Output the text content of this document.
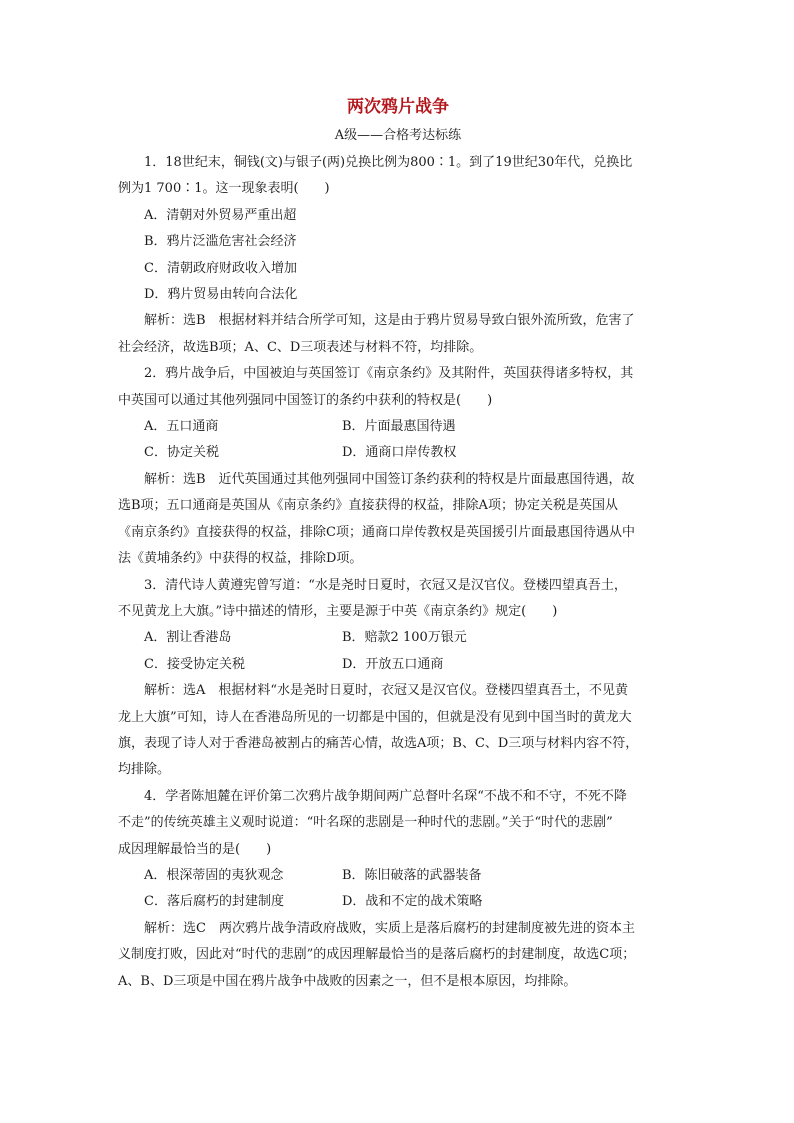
两次鸦片战争
A级——合格考达标练

1．18世纪末，铜钱(文)与银子(两)兑换比例为800∶1。到了19世纪30年代，兑换比

例为1 700∶1。这一现象表明(　　)

A．清朝对外贸易严重出超

B．鸦片泛滥危害社会经济

C．清朝政府财政收入增加

D．鸦片贸易由转向合法化

解析：选B　根据材料并结合所学可知，这是由于鸦片贸易导致白银外流所致，危害了

社会经济，故选B项；A、C、D三项表述与材料不符，均排除。

2．鸦片战争后，中国被迫与英国签订《南京条约》及其附件，英国获得诸多特权，其

中英国可以通过其他列强同中国签订的条约中获利的特权是(　　)

A．五口通商	B．片面最惠国待遇
C．协定关税	D．通商口岸传教权

解析：选B　近代英国通过其他列强同中国签订条约获利的特权是片面最惠国待遇，故

选B项；五口通商是英国从《南京条约》直接获得的权益，排除A项；协定关税是英国从

《南京条约》直接获得的权益，排除C项；通商口岸传教权是英国援引片面最惠国待遇从中

法《黄埔条约》中获得的权益，排除D项。

3．清代诗人黄遵宪曾写道：“水是尧时日夏时，衣冠又是汉官仪。登楼四望真吾土，

不见黄龙上大旗。”诗中描述的情形，主要是源于中英《南京条约》规定(　　)

A．割让香港岛	B．赔款2 100万银元
C．接受协定关税	D．开放五口通商

解析：选A　根据材料“水是尧时日夏时，衣冠又是汉官仪。登楼四望真吾土，不见黄

龙上大旗”可知，诗人在香港岛所见的一切都是中国的，但就是没有见到中国当时的黄龙大

旗，表现了诗人对于香港岛被割占的痛苦心情，故选A项；B、C、D三项与材料内容不符，

均排除。

4．学者陈旭麓在评价第二次鸦片战争期间两广总督叶名琛“不战不和不守，不死不降

不走”的传统英雄主义观时说道：“叶名琛的悲剧是一种时代的悲剧。”关于“时代的悲剧”

成因理解最恰当的是(　　)

A．根深蒂固的夷狄观念	B．陈旧破落的武器装备
C．落后腐朽的封建制度	D．战和不定的战术策略

解析：选C　两次鸦片战争清政府战败，实质上是落后腐朽的封建制度被先进的资本主

义制度打败，因此对“时代的悲剧”的成因理解最恰当的是落后腐朽的封建制度，故选C项；

A、B、D三项是中国在鸦片战争中战败的因素之一，但不是根本原因，均排除。
